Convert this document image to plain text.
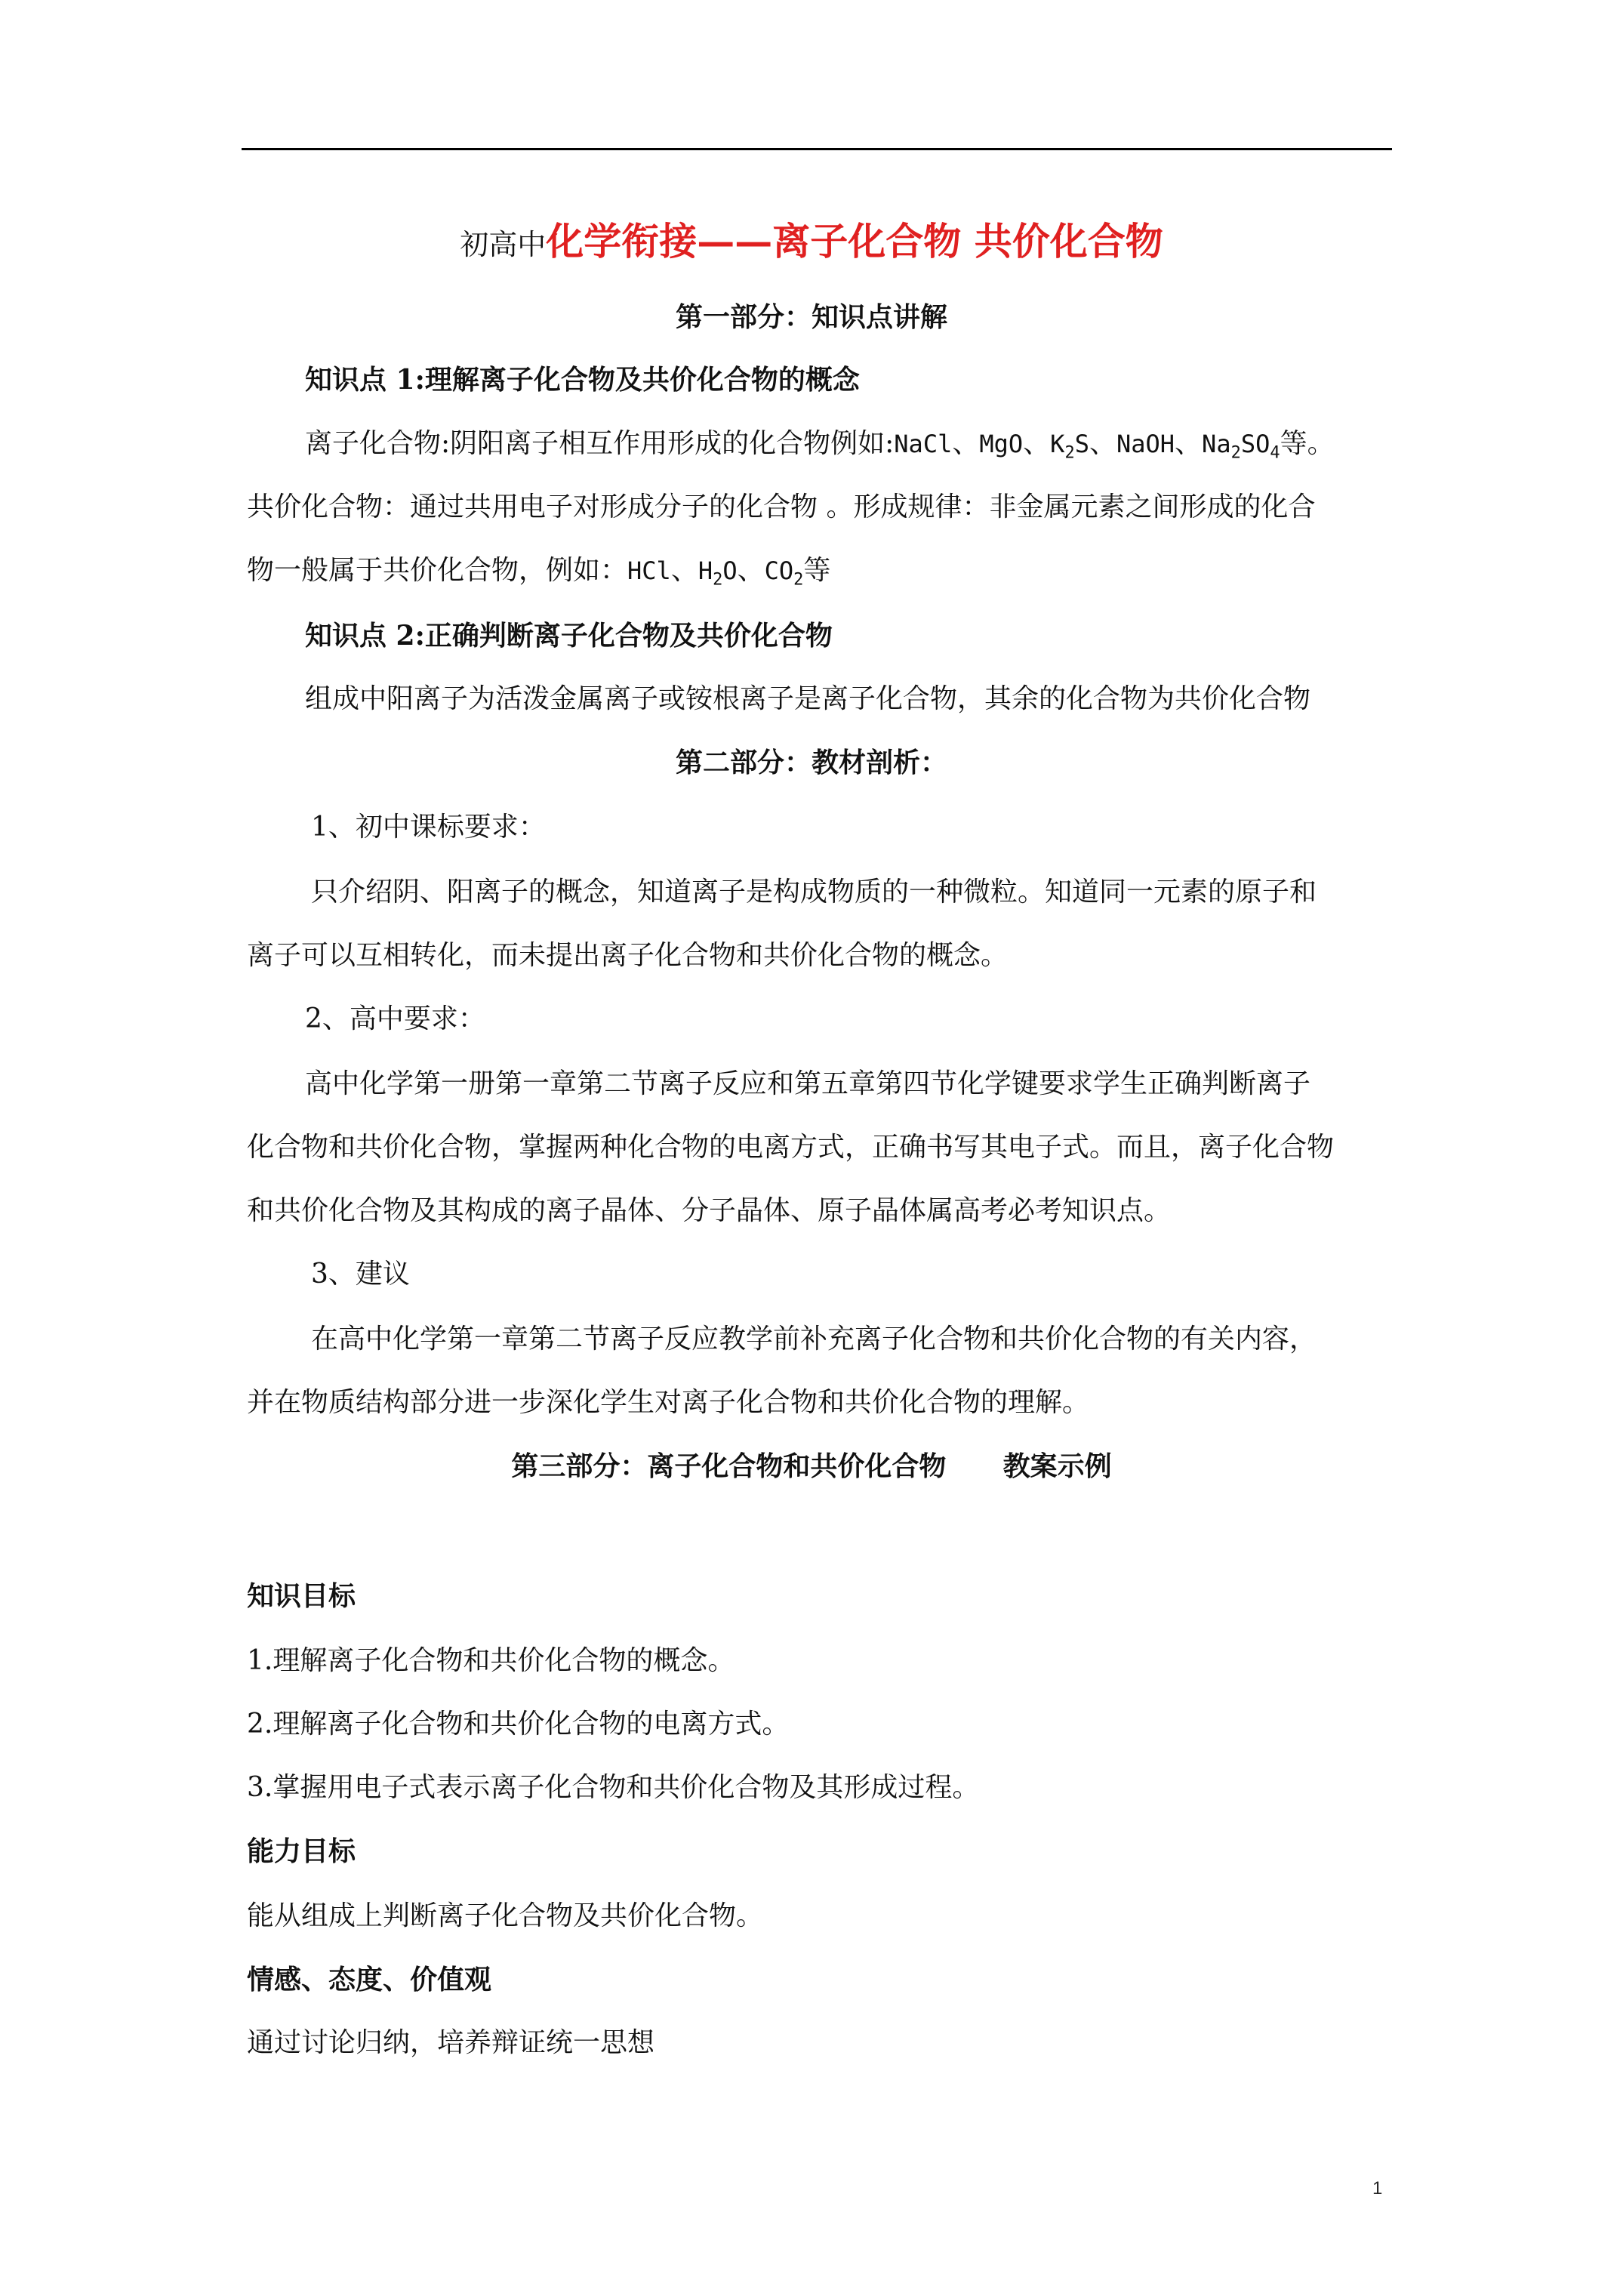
初高中化学衔接——离子化合物 共价化合物
第一部分：知识点讲解
知识点 1:理解离子化合物及共价化合物的概念
离子化合物:阴阳离子相互作用形成的化合物例如:NaCl、MgO、$K_2S$、NaOH、$Na_2SO_4$等。
共价化合物：通过共用电子对形成分子的化合物 。形成规律：非金属元素之间形成的化合
物一般属于共价化合物，例如：HCl、$H_2O$、$CO_2$等
知识点 2:正确判断离子化合物及共价化合物
组成中阳离子为活泼金属离子或铵根离子是离子化合物，其余的化合物为共价化合物
第二部分：教材剖析：
1、初中课标要求：
只介绍阴、阳离子的概念，知道离子是构成物质的一种微粒。知道同一元素的原子和
离子可以互相转化，而未提出离子化合物和共价化合物的概念。
2、高中要求：
高中化学第一册第一章第二节离子反应和第五章第四节化学键要求学生正确判断离子
化合物和共价化合物，掌握两种化合物的电离方式，正确书写其电子式。而且，离子化合物
和共价化合物及其构成的离子晶体、分子晶体、原子晶体属高考必考知识点。
3、建议
在高中化学第一章第二节离子反应教学前补充离子化合物和共价化合物的有关内容，
并在物质结构部分进一步深化学生对离子化合物和共价化合物的理解。
第三部分：离子化合物和共价化合物      教案示例
知识目标
1.理解离子化合物和共价化合物的概念。
2.理解离子化合物和共价化合物的电离方式。
3.掌握用电子式表示离子化合物和共价化合物及其形成过程。
能力目标
能从组成上判断离子化合物及共价化合物。
情感、态度、价值观
通过讨论归纳，培养辩证统一思想
1
